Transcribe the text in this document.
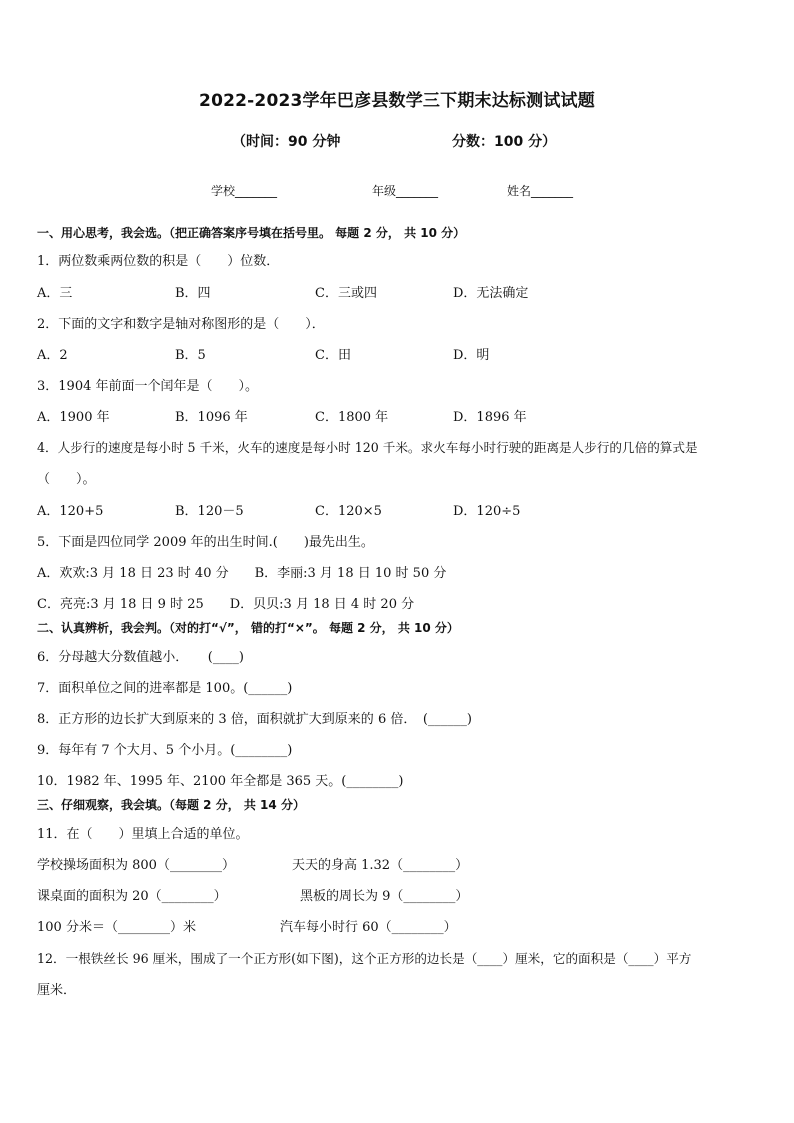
2022-2023学年巴彦县数学三下期末达标测试试题
（时间：90 分钟	分数：100 分）
学校_______	年级_______	姓名_______
一、用心思考，我会选。（把正确答案序号填在括号里。 每题 2 分， 共 10 分）
1．两位数乘两位数的积是（　　）位数．
A．三	B．四	C．三或四	D．无法确定
2．下面的文字和数字是轴对称图形的是（　　）．
A．2	B．5	C．田	D．明
3．1904 年前面一个闰年是（　　）。
A．1900 年	B．1096 年	C．1800 年	D．1896 年
4．人步行的速度是每小时 5 千米，火车的速度是每小时 120 千米。求火车每小时行驶的距离是人步行的几倍的算式是
（　　）。
A．120+5	B．120－5	C．120×5	D．120÷5
5．下面是四位同学 2009 年的出生时间.(　　)最先出生。
A．欢欢:3 月 18 日 23 时 40 分　　B．李丽:3 月 18 日 10 时 50 分
C．亮亮:3 月 18 日 9 时 25　　D．贝贝:3 月 18 日 4 时 20 分
二、认真辨析，我会判。（对的打“√”， 错的打“×”。 每题 2 分， 共 10 分）
6．分母越大分数值越小．　　(____)
7．面积单位之间的进率都是 100。(______)
8．正方形的边长扩大到原来的 3 倍，面积就扩大到原来的 6 倍．　(______)
9．每年有 7 个大月、5 个小月。(________)
10．1982 年、1995 年、2100 年全都是 365 天。(________)
三、仔细观察，我会填。（每题 2 分， 共 14 分）
11．在（　　）里填上合适的单位。
学校操场面积为 800（________）	天天的身高 1.32（________）
课桌面的面积为 20（________）	黑板的周长为 9（________）
100 分米＝（________）米	汽车每小时行 60（________）
12．一根铁丝长 96 厘米，围成了一个正方形(如下图)，这个正方形的边长是（____）厘米，它的面积是（____）平方
厘米．
